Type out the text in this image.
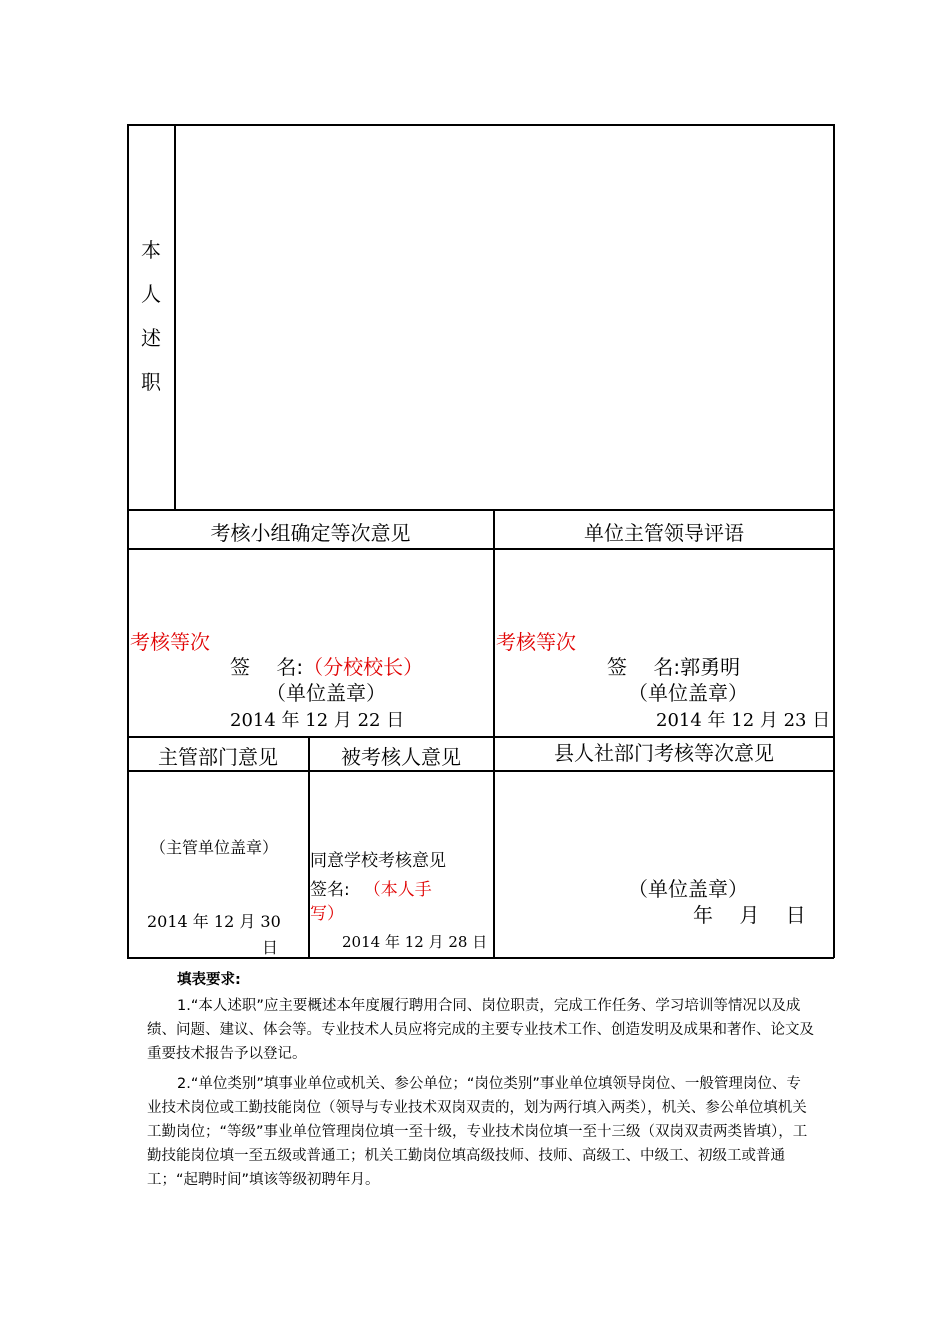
本
人
述
职
考核小组确定等次意见
考核等次
签　 名:（分校校长）
（单位盖章）
2014 年 12 月 22 日
单位主管领导评语
考核等次
签　 名:郭勇明
（单位盖章）
2014 年 12 月 23 日
主管部门意见
（主管单位盖章）
2014 年 12 月 30
日
被考核人意见
同意学校考核意见
签名: （本人手
写）
2014 年 12 月 28 日
县人社部门考核等次意见
（单位盖章）
年　 月　 日

填表要求:

1.“本人述职”应主要概述本年度履行聘用合同、岗位职责，完成工作任务、学习培训等情况以及成绩、问题、建议、体会等。专业技术人员应将完成的主要专业技术工作、创造发明及成果和著作、论文及重要技术报告予以登记。

2.“单位类别”填事业单位或机关、参公单位；“岗位类别”事业单位填领导岗位、一般管理岗位、专业技术岗位或工勤技能岗位（领导与专业技术双岗双责的，划为两行填入两类），机关、参公单位填机关工勤岗位；“等级”事业单位管理岗位填一至十级，专业技术岗位填一至十三级（双岗双责两类皆填），工勤技能岗位填一至五级或普通工；机关工勤岗位填高级技师、技师、高级工、中级工、初级工或普通工；“起聘时间”填该等级初聘年月。
